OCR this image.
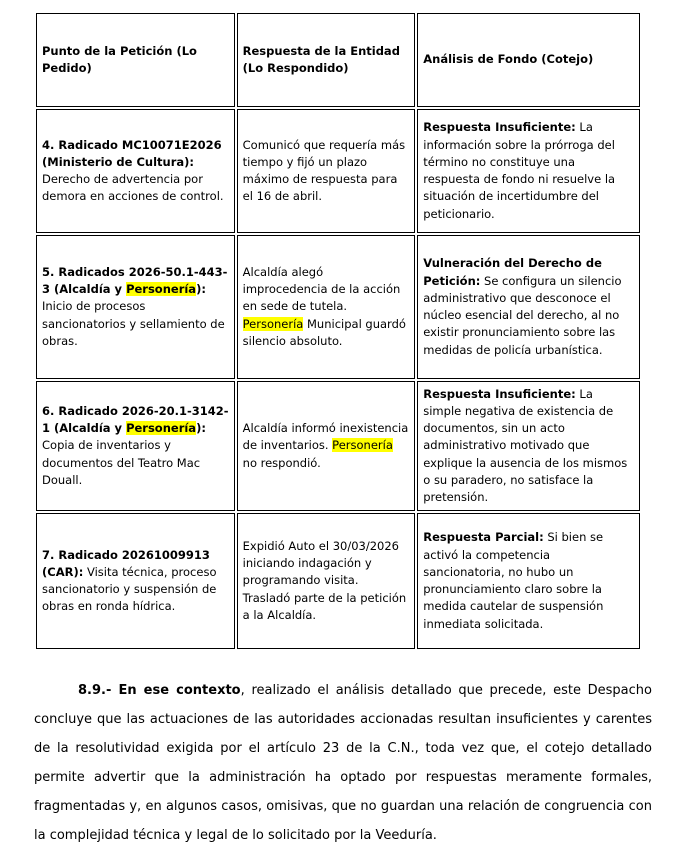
Punto de la Petición (Lo Pedido)	Respuesta de la Entidad (Lo Respondido)	Análisis de Fondo (Cotejo)
4. Radicado MC10071E2026 (Ministerio de Cultura): Derecho de advertencia por demora en acciones de control.	Comunicó que requería más tiempo y fijó un plazo máximo de respuesta para el 16 de abril.	Respuesta Insuficiente: La información sobre la prórroga del término no constituye una respuesta de fondo ni resuelve la situación de incertidumbre del peticionario.
5. Radicados 2026-50.1-443-3 (Alcaldía y Personería): Inicio de procesos sancionatorios y sellamiento de obras.	Alcaldía alegó improcedencia de la acción en sede de tutela. Personería Municipal guardó silencio absoluto.	Vulneración del Derecho de Petición: Se configura un silencio administrativo que desconoce el núcleo esencial del derecho, al no existir pronunciamiento sobre las medidas de policía urbanística.
6. Radicado 2026-20.1-3142-1 (Alcaldía y Personería): Copia de inventarios y documentos del Teatro Mac Douall.	Alcaldía informó inexistencia de inventarios. Personería no respondió.	Respuesta Insuficiente: La simple negativa de existencia de documentos, sin un acto administrativo motivado que explique la ausencia de los mismos o su paradero, no satisface la pretensión.
7. Radicado 20261009913 (CAR): Visita técnica, proceso sancionatorio y suspensión de obras en ronda hídrica.	Expidió Auto el 30/03/2026 iniciando indagación y programando visita. Trasladó parte de la petición a la Alcaldía.	Respuesta Parcial: Si bien se activó la competencia sancionatoria, no hubo un pronunciamiento claro sobre la medida cautelar de suspensión inmediata solicitada.
8.9.- En ese contexto, realizado el análisis detallado que precede, este Despacho concluye que las actuaciones de las autoridades accionadas resultan insuficientes y carentes de la resolutividad exigida por el artículo 23 de la C.N., toda vez que, el cotejo detallado permite advertir que la administración ha optado por respuestas meramente formales, fragmentadas y, en algunos casos, omisivas, que no guardan una relación de congruencia con la complejidad técnica y legal de lo solicitado por la Veeduría.
